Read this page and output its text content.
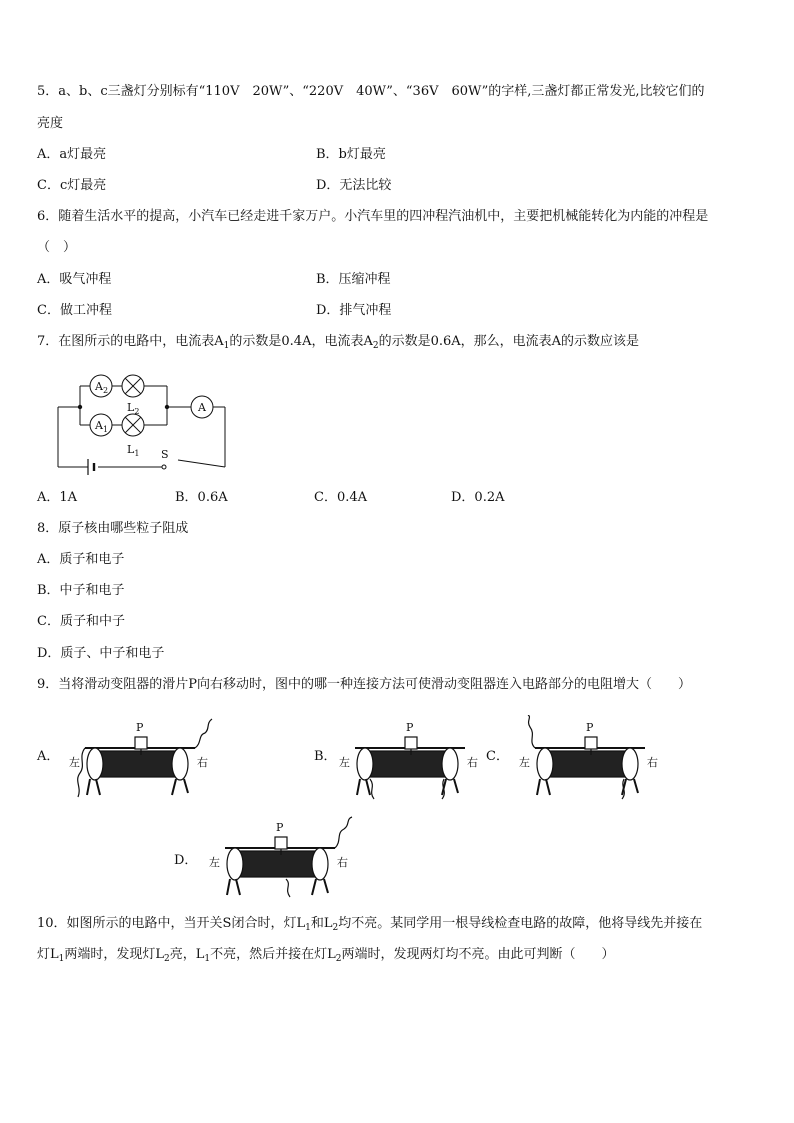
5．a、b、c三盏灯分别标有“110V　20W”、“220V　40W”、“36V　60W”的字样,三盏灯都正常发光,比较它们的
亮度
A．a灯最亮	B．b灯最亮
C．c灯最亮	D．无法比较
6．随着生活水平的提高，小汽车已经走进千家万户。小汽车里的四冲程汽油机中，主要把机械能转化为内能的冲程是
（　）
A．吸气冲程	B．压缩冲程
C．做工冲程	D．排气冲程
7．在图所示的电路中，电流表$A_1$的示数是0.4A，电流表$A_2$的示数是0.6A，那么，电流表A的示数应该是
$A_2$
$A_1$
A
$L_2$
$L_1$ S
A．1A	B．0.6A	C．0.4A	D．0.2A
8．原子核由哪些粒子阻成
A．质子和电子
B．中子和电子
C．质子和中子
D．质子、中子和电子
9．当将滑动变阻器的滑片P向右移动时，图中的哪一种连接方法可使滑动变阻器连入电路部分的电阻增大（　　）
A．
P
左	右	B．
P
左	右 C．
P
左	右
D．
P
左	右
10．如图所示的电路中，当开关S闭合时，灯$L_1$和$L_2$均不亮。某同学用一根导线检查电路的故障，他将导线先并接在
灯$L_1$两端时，发现灯$L_2$亮，$L_1$不亮，然后并接在灯$L_2$两端时，发现两灯均不亮。由此可判断（　　）
